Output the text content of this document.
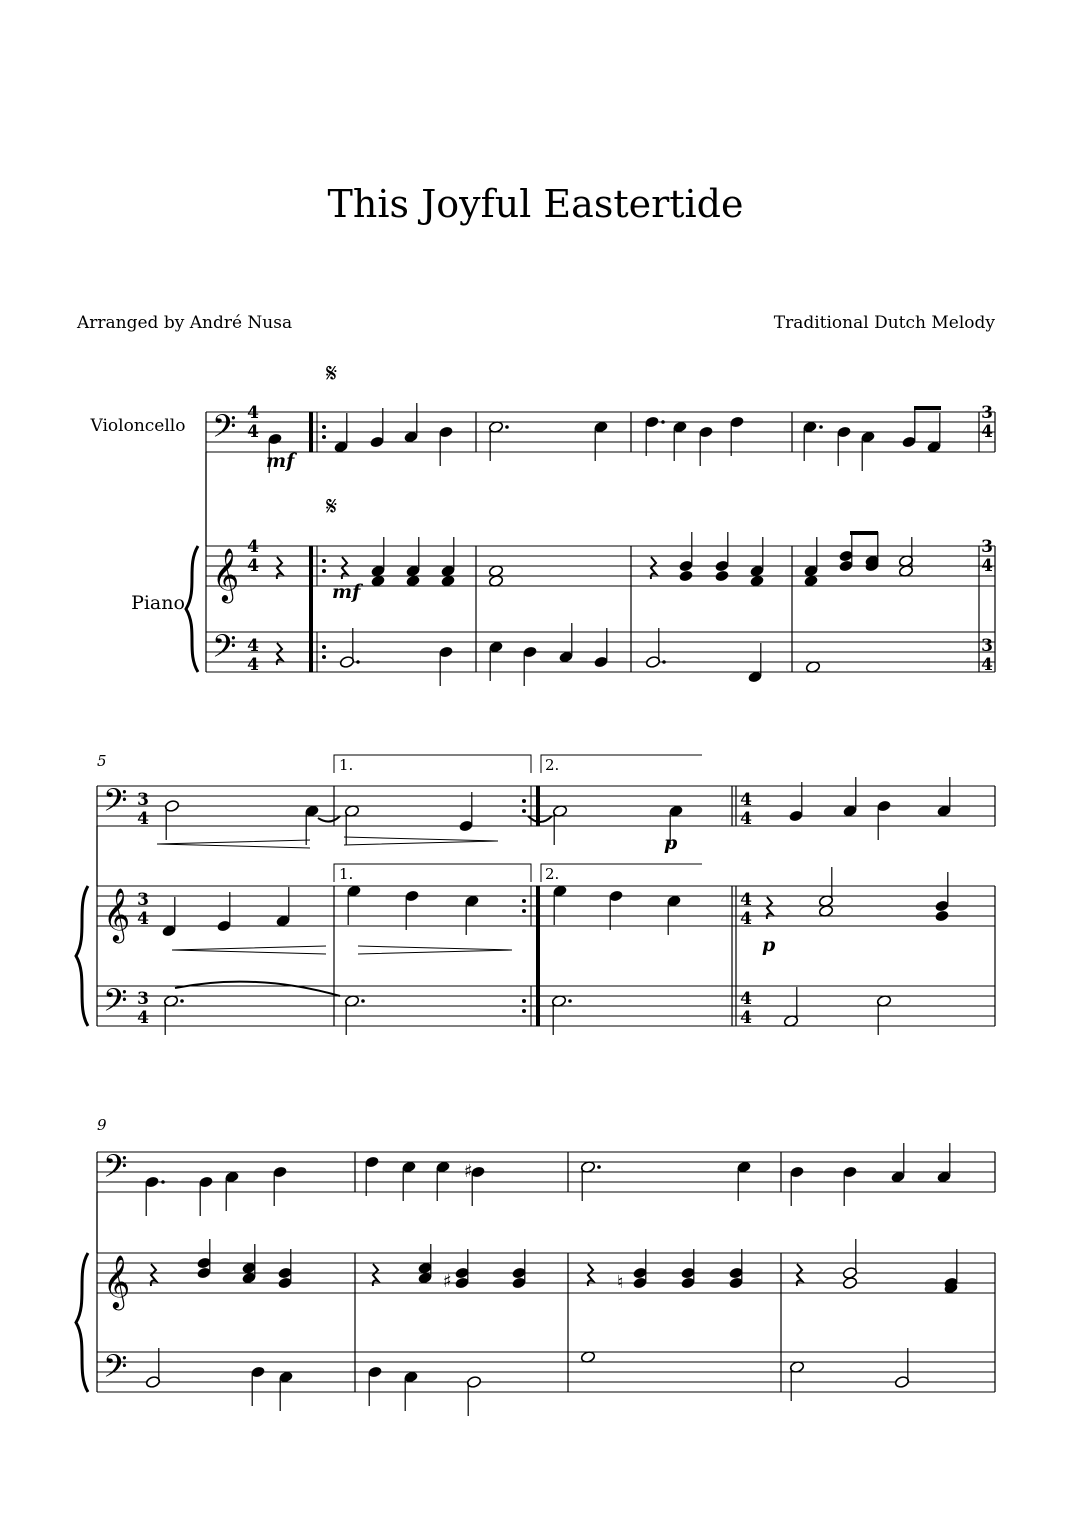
This Joyful Eastertide
Arranged by André Nusa	Traditional Dutch Melody
𝄢
𝄞
𝄢
𝄋
𝄋
𝄢
𝄞
𝄢
𝄢
𝄞
𝄢
♯
♯	♮
Violoncello
Piano
5
9
4
4
4
4
4
4
3
4
3
4
3
4
3
4
3
4
3
4
4
4
4
4
4
4
mf
mf
p
p
1.	2.
1.	2.
